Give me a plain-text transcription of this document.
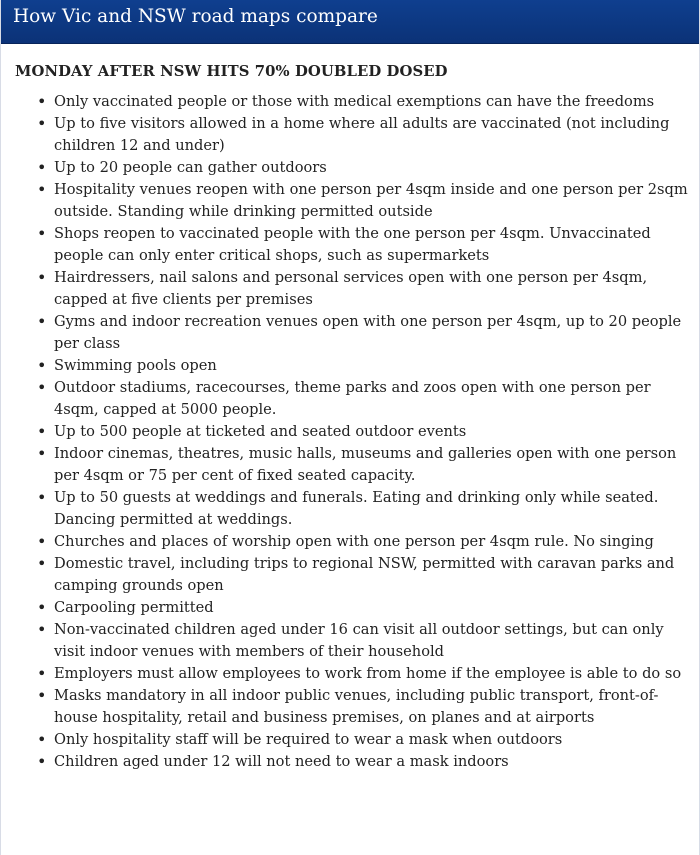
How Vic and NSW road maps compare
MONDAY AFTER NSW HITS 70% DOUBLED DOSED
• Only vaccinated people or those with medical exemptions can have the freedoms
• Up to five visitors allowed in a home where all adults are vaccinated (not including children 12 and under)
• Up to 20 people can gather outdoors
• Hospitality venues reopen with one person per 4sqm inside and one person per 2sqm outside. Standing while drinking permitted outside
• Shops reopen to vaccinated people with the one person per 4sqm. Unvaccinated people can only enter critical shops, such as supermarkets
• Hairdressers, nail salons and personal services open with one person per 4sqm, capped at five clients per premises
• Gyms and indoor recreation venues open with one person per 4sqm, up to 20 people per class
• Swimming pools open
• Outdoor stadiums, racecourses, theme parks and zoos open with one person per 4sqm, capped at 5000 people.
• Up to 500 people at ticketed and seated outdoor events
• Indoor cinemas, theatres, music halls, museums and galleries open with one person per 4sqm or 75 per cent of fixed seated capacity.
• Up to 50 guests at weddings and funerals. Eating and drinking only while seated. Dancing permitted at weddings.
• Churches and places of worship open with one person per 4sqm rule. No singing
• Domestic travel, including trips to regional NSW, permitted with caravan parks and camping grounds open
• Carpooling permitted
• Non-vaccinated children aged under 16 can visit all outdoor settings, but can only visit indoor venues with members of their household
• Employers must allow employees to work from home if the employee is able to do so
• Masks mandatory in all indoor public venues, including public transport, front-of-house hospitality, retail and business premises, on planes and at airports
• Only hospitality staff will be required to wear a mask when outdoors
• Children aged under 12 will not need to wear a mask indoors
